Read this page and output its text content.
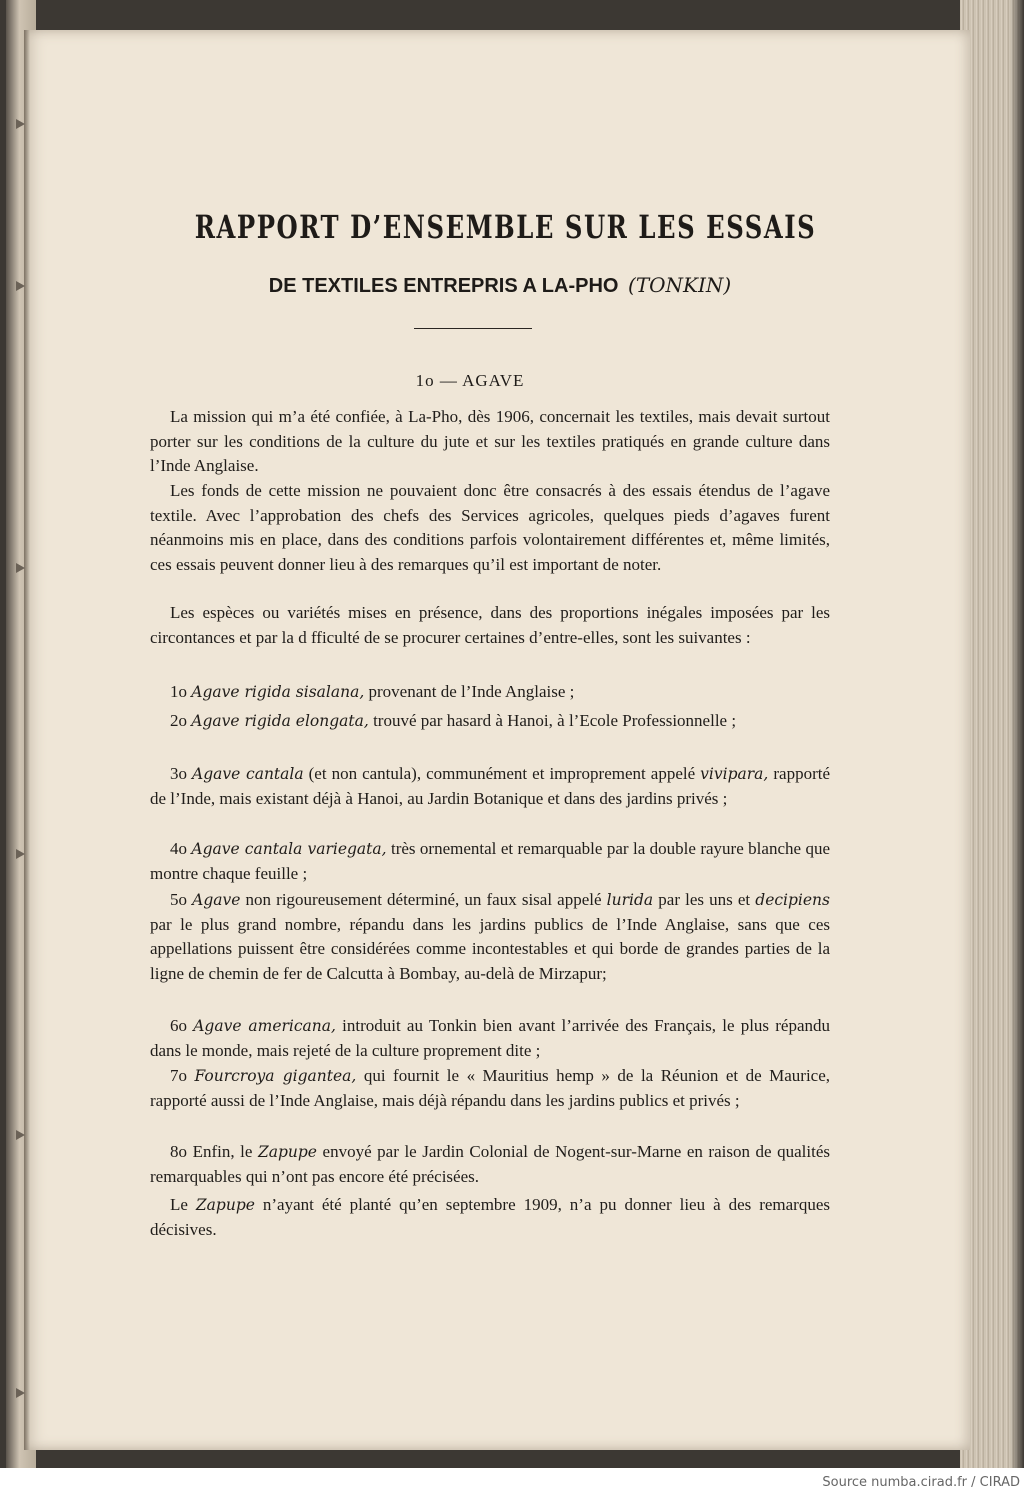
RAPPORT D’ENSEMBLE SUR LES ESSAIS
DE TEXTILES ENTREPRIS A LA-PHO (TONKIN)
1o — AGAVE

La mission qui m’a été confiée, à La-Pho, dès 1906, concernait les textiles, mais devait surtout porter sur les conditions de la culture du jute et sur les textiles pratiqués en grande culture dans l’Inde Anglaise.

Les fonds de cette mission ne pouvaient donc être consacrés à des essais étendus de l’agave textile. Avec l’approbation des chefs des Services agricoles, quelques pieds d’agaves furent néanmoins mis en place, dans des conditions parfois volontairement différentes et, même limités, ces essais peuvent donner lieu à des remarques qu’il est important de noter.

Les espèces ou variétés mises en présence, dans des proportions inégales imposées par les circontances et par la d fficulté de se procurer certaines d’entre-elles, sont les suivantes :

1o Agave rigida sisalana, provenant de l’Inde Anglaise ;

2o Agave rigida elongata, trouvé par hasard à Hanoi, à l’Ecole Professionnelle ;

3o Agave cantala (et non cantula), communément et improprement appelé vivipara, rapporté de l’Inde, mais existant déjà à Hanoi, au Jardin Botanique et dans des jardins privés ;

4o Agave cantala variegata, très ornemental et remarquable par la double rayure blanche que montre chaque feuille ;

5o Agave non rigoureusement déterminé, un faux sisal appelé lurida par les uns et decipiens par le plus grand nombre, répandu dans les jardins publics de l’Inde Anglaise, sans que ces appellations puissent être considérées comme incontestables et qui borde de grandes parties de la ligne de chemin de fer de Calcutta à Bombay, au-delà de Mirzapur;

6o Agave americana, introduit au Tonkin bien avant l’arrivée des Français, le plus répandu dans le monde, mais rejeté de la culture proprement dite ;

7o Fourcroya gigantea, qui fournit le « Mauritius hemp » de la Réunion et de Maurice, rapporté aussi de l’Inde Anglaise, mais déjà répandu dans les jardins publics et privés ;

8o Enfin, le Zapupe envoyé par le Jardin Colonial de Nogent-sur-Marne en raison de qualités remarquables qui n’ont pas encore été précisées.

Le Zapupe n’ayant été planté qu’en septembre 1909, n’a pu donner lieu à des remarques décisives.

Source numba.cirad.fr / CIRAD
